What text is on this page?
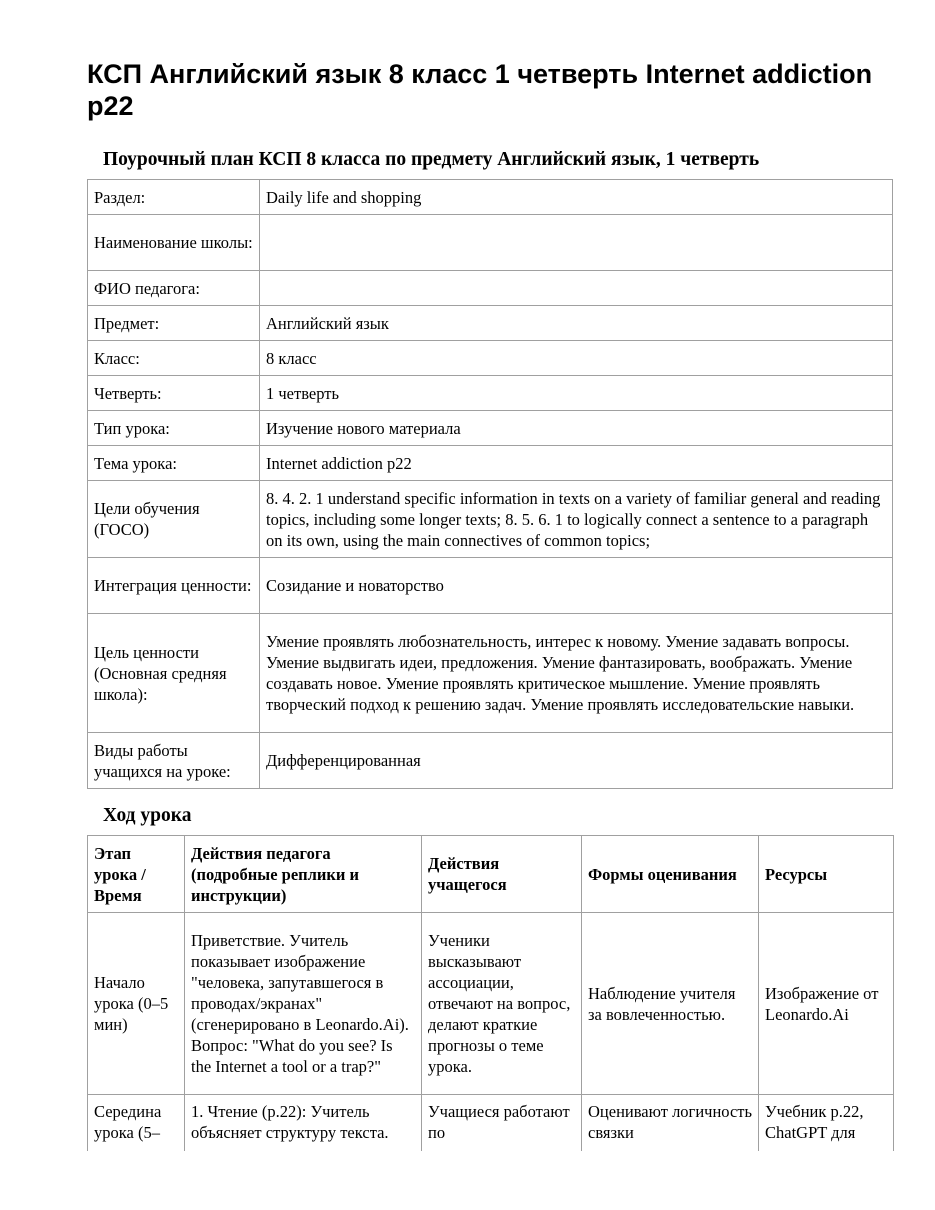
КСП Английский язык 8 класс 1 четверть Internet addiction p22
Поурочный план КСП 8 класса по предмету Английский язык, 1 четверть
Раздел:	Daily life and shopping
Наименование школы:	
ФИО педагога:	
Предмет:	Английский язык
Класс:	8 класс
Четверть:	1 четверть
Тип урока:	Изучение нового материала
Тема урока:	Internet addiction p22
Цели обучения (ГОСО)	8. 4. 2. 1 understand specific information in texts on a variety of familiar general and reading topics, including some longer texts; 8. 5. 6. 1 to logically connect a sentence to a paragraph on its own, using the main connectives of common topics;
Интеграция ценности:	Созидание и новаторство
Цель ценности (Основная средняя школа):	Умение проявлять любознательность, интерес к новому. Умение задавать вопросы. Умение выдвигать идеи, предложения. Умение фантазировать, воображать. Умение создавать новое. Умение проявлять критическое мышление. Умение проявлять творческий подход к решению задач. Умение проявлять исследовательские навыки.
Виды работы учащихся на уроке:	Дифференцированная
Ход урока
Этап урока / Время	Действия педагога (подробные реплики и инструкции)	Действия учащегося	Формы оценивания	Ресурсы
Начало урока (0–5 мин)	Приветствие. Учитель показывает изображение "человека, запутавшегося в проводах/экранах" (сгенерировано в Leonardo.Ai). Вопрос: "What do you see? Is the Internet a tool or a trap?"	Ученики высказывают ассоциации, отвечают на вопрос, делают краткие прогнозы о теме урока.	Наблюдение учителя за вовлеченностью.	Изображение от Leonardo.Ai
Середина урока (5–	1. Чтение (p.22): Учитель объясняет структуру текста.	Учащиеся работают по	Оценивают логичность связки	Учебник p.22, ChatGPT для
